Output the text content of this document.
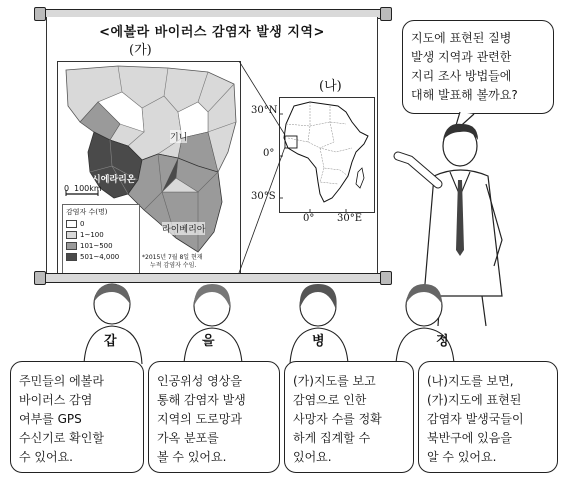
<에볼라 바이러스 감염자 발생 지역>
(가)
기니
시에라리온
라이베리아
0 100km
감염자 수(명)
0
1~100
101~500
501~4,000	*2015년 7월 8일 현재
누적 감염자 수임.
(나)
30°N
0°
30°S
0° 30°E
지도에 표현된 질병
발생 지역과 관련한
지리 조사 방법들에
대해 발표해 볼까요?
갑	을	병	정
주민들의 에볼라
바이러스 감염
여부를 GPS
수신기로 확인할
수 있어요.
인공위성 영상을
통해 감염자 발생
지역의 도로망과
가옥 분포를
볼 수 있어요.
(가)지도를 보고
감염으로 인한
사망자 수를 정확
하게 집계할 수
있어요.
(나)지도를 보면,
(가)지도에 표현된
감염자 발생국들이
북반구에 있음을
알 수 있어요.
